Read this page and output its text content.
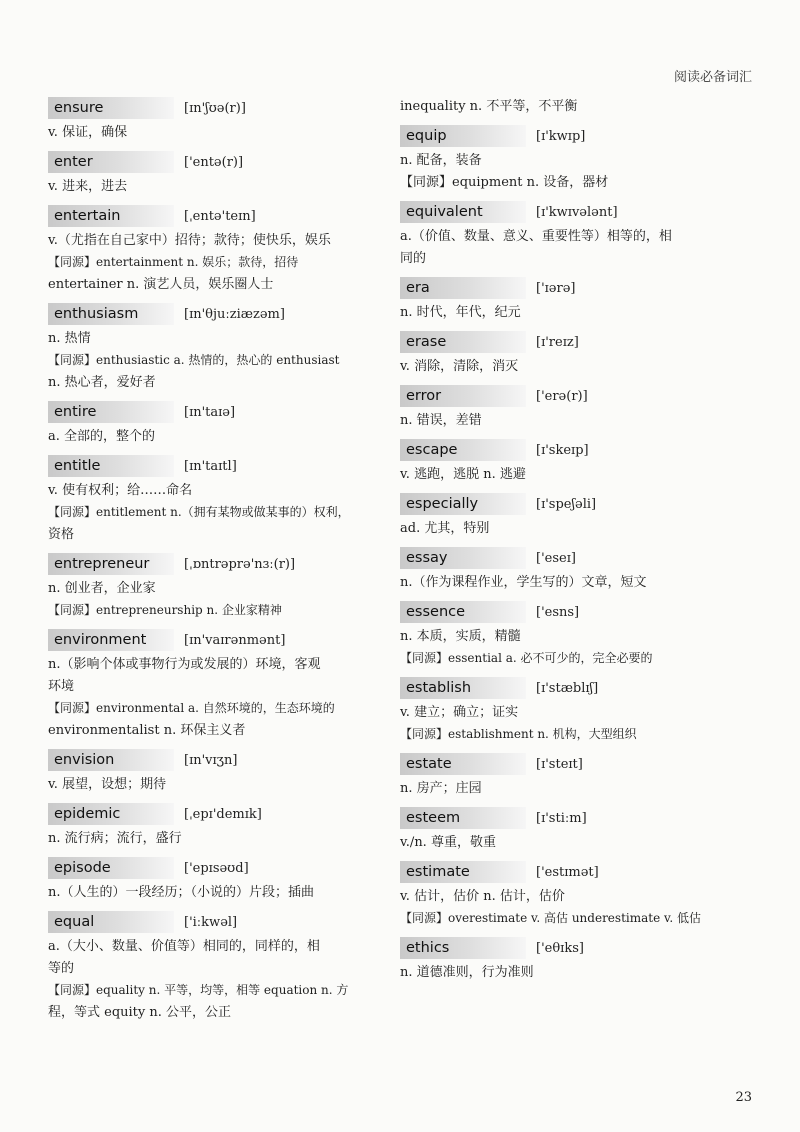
阅读必备词汇
ensure	[ɪn'ʃʊə(r)]
v. 保证，确保
enter	['entə(r)]
v. 进来，进去
entertain	[ˌentə'teɪn]
v.（尤指在自己家中）招待；款待；使快乐，娱乐
【同源】entertainment n. 娱乐；款待，招待
entertainer n. 演艺人员，娱乐圈人士
enthusiasm	[ɪn'θjuːziæzəm]
n. 热情
【同源】enthusiastic a. 热情的，热心的 enthusiast
n. 热心者，爱好者
entire	[ɪn'taɪə]
a. 全部的，整个的
entitle	[ɪn'taɪtl]
v. 使有权利；给……命名
【同源】entitlement n.（拥有某物或做某事的）权利，
资格
entrepreneur	[ˌɒntrəprə'nɜː(r)]
n. 创业者，企业家
【同源】entrepreneurship n. 企业家精神
environment	[ɪn'vaɪrənmənt]
n.（影响个体或事物行为或发展的）环境，客观
环境
【同源】environmental a. 自然环境的，生态环境的
environmentalist n. 环保主义者
envision	[ɪn'vɪʒn]
v. 展望，设想；期待
epidemic	[ˌepɪ'demɪk]
n. 流行病；流行，盛行
episode	['epɪsəʊd]
n.（人生的）一段经历；（小说的）片段；插曲
equal	['iːkwəl]
a.（大小、数量、价值等）相同的，同样的，相
等的
【同源】equality n. 平等，均等，相等 equation n. 方
程，等式 equity n. 公平，公正
inequality n. 不平等，不平衡
equip	[ɪ'kwɪp]
n. 配备，装备
【同源】equipment n. 设备，器材
equivalent	[ɪ'kwɪvələnt]
a.（价值、数量、意义、重要性等）相等的，相
同的
era	['ɪərə]
n. 时代，年代，纪元
erase	[ɪ'reɪz]
v. 消除，清除，消灭
error	['erə(r)]
n. 错误，差错
escape	[ɪ'skeɪp]
v. 逃跑，逃脱 n. 逃避
especially	[ɪ'speʃəli]
ad. 尤其，特别
essay	['eseɪ]
n.（作为课程作业，学生写的）文章，短文
essence	['esns]
n. 本质，实质，精髓
【同源】essential a. 必不可少的，完全必要的
establish	[ɪ'stæblɪʃ]
v. 建立；确立；证实
【同源】establishment n. 机构，大型组织
estate	[ɪ'steɪt]
n. 房产；庄园
esteem	[ɪ'stiːm]
v./n. 尊重，敬重
estimate	['estɪmət]
v. 估计，估价 n. 估计，估价
【同源】overestimate v. 高估 underestimate v. 低估
ethics	['eθɪks]
n. 道德准则，行为准则
23
